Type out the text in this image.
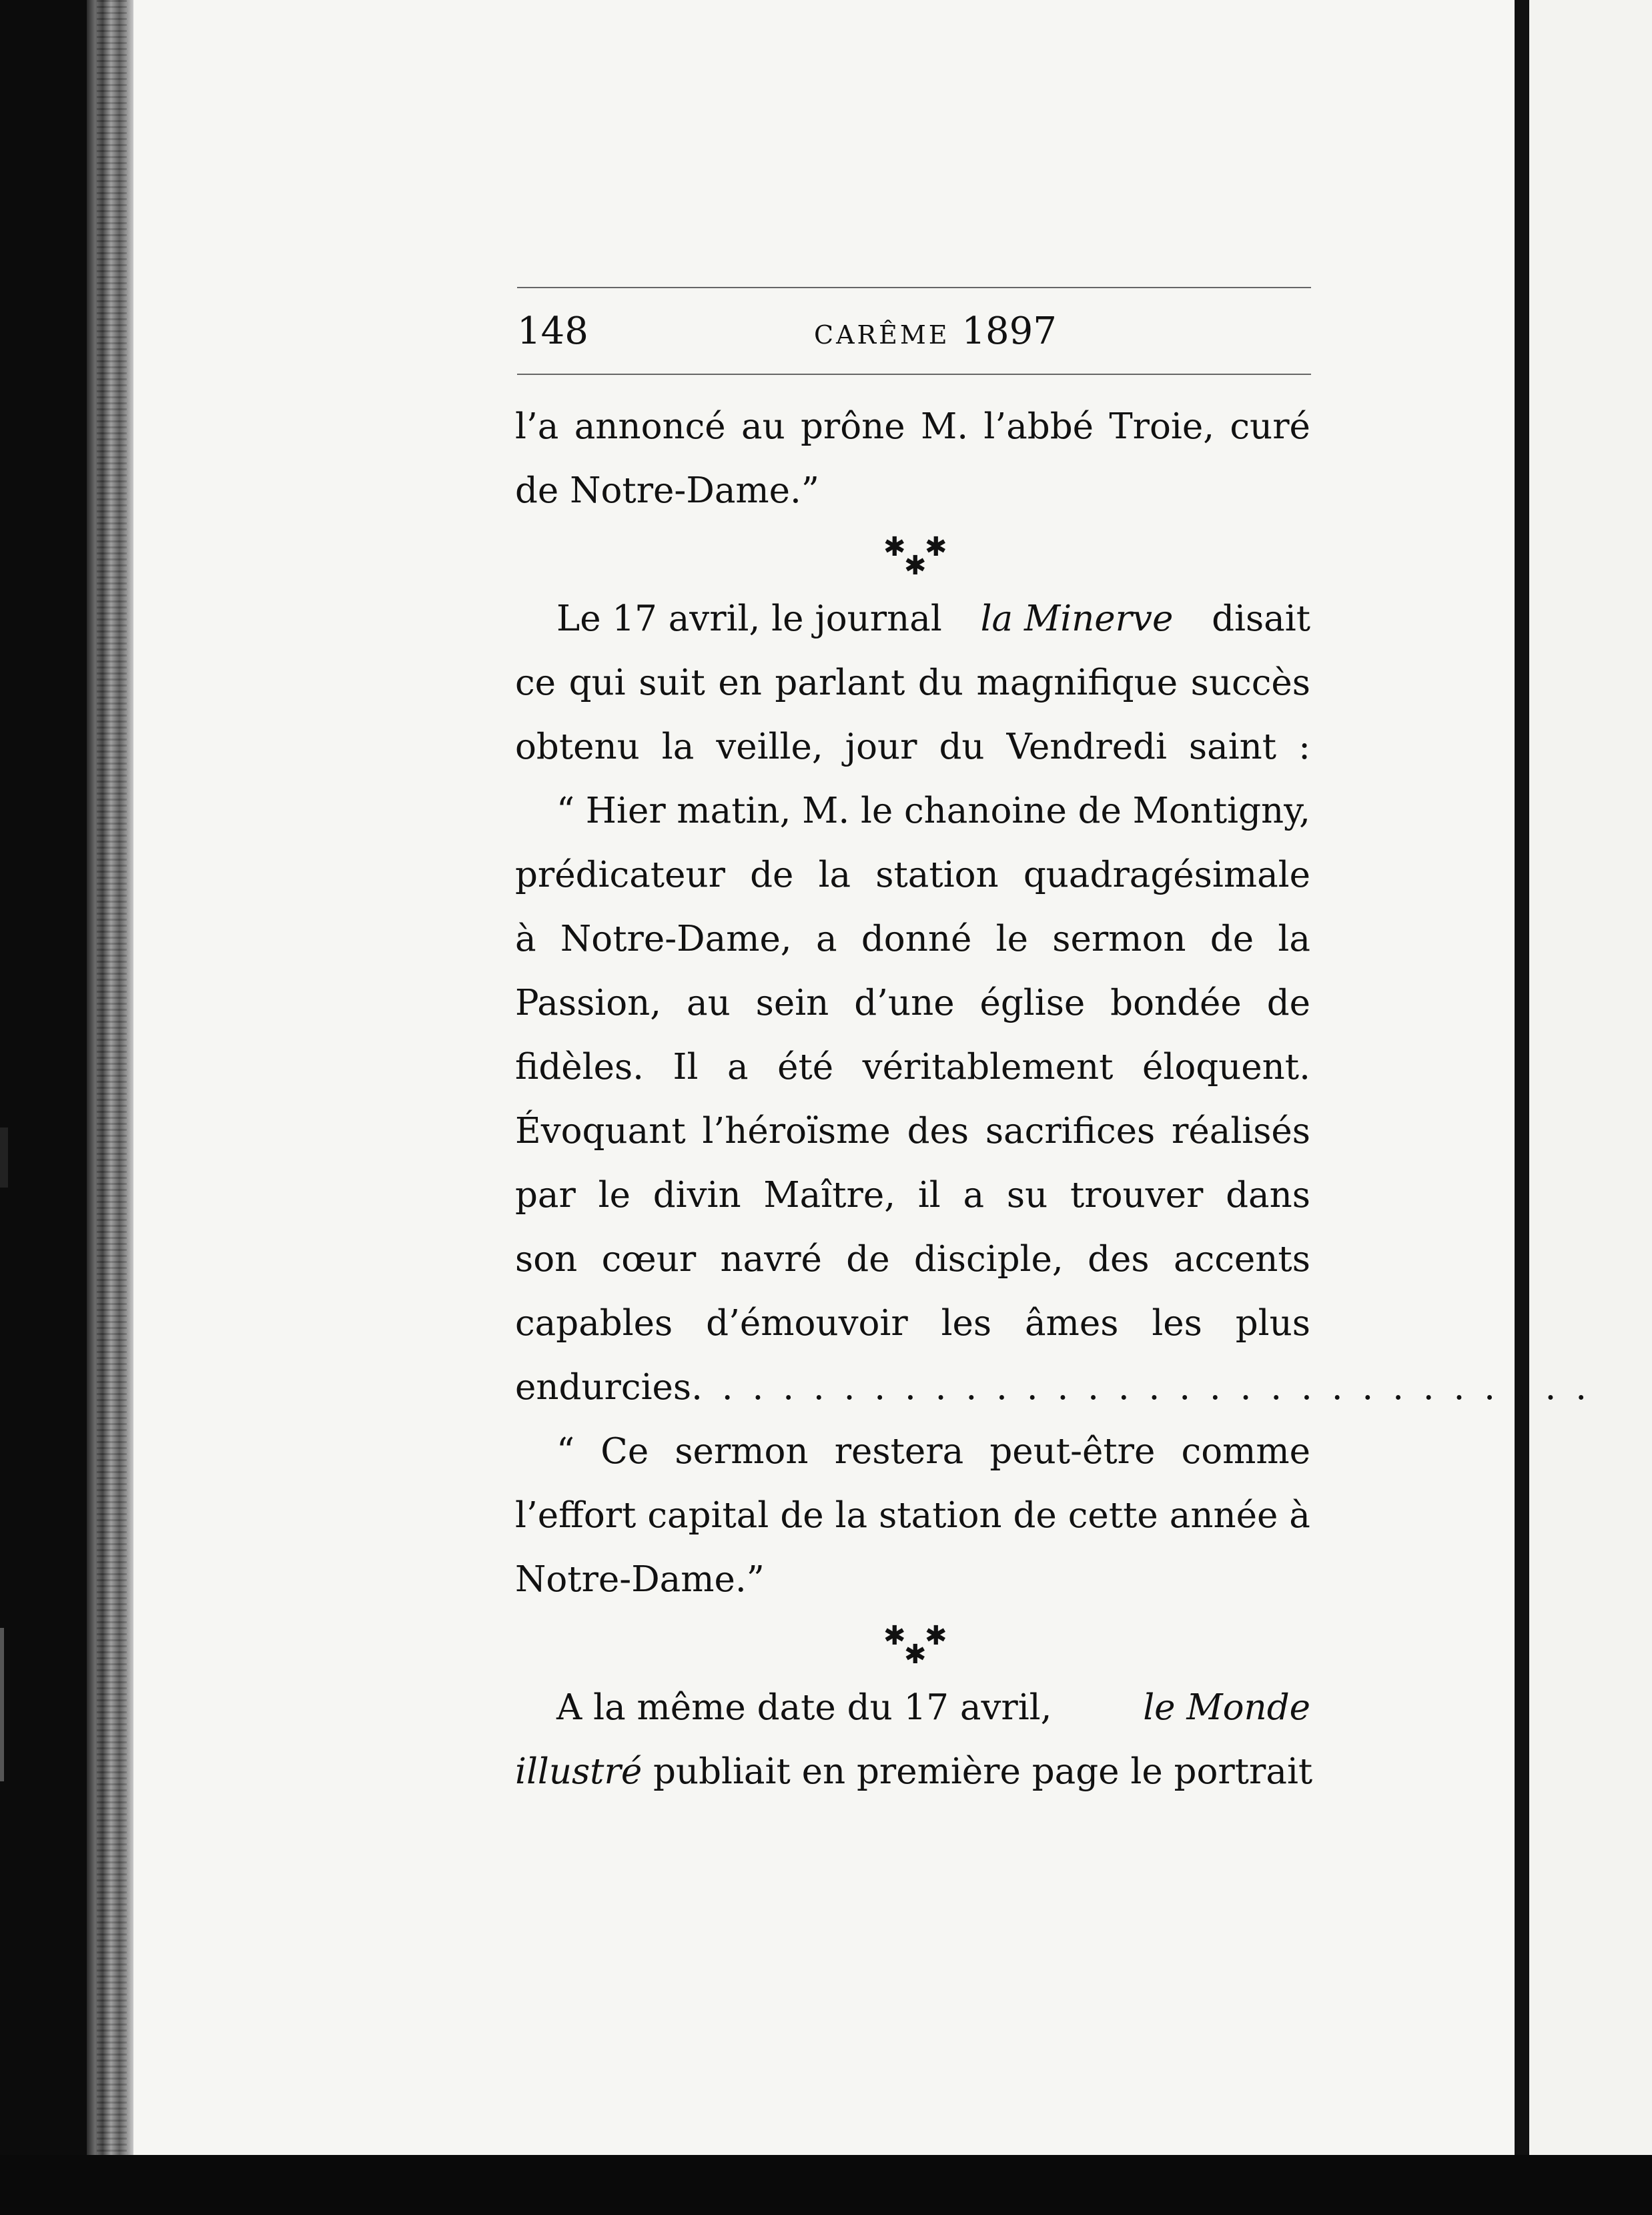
148	CARÊME 1897
l’a annoncé au prône M. l’abbé Troie, curé
de Notre-Dame.”
✱ ✱
✱
Le 17 avril, le journal la Minerve disait
ce qui suit en parlant du magnifique succès
obtenu la veille, jour du Vendredi saint :
“ Hier matin, M. le chanoine de Montigny,
prédicateur de la station quadragésimale
à Notre-Dame, a donné le sermon de la
Passion, au sein d’une église bondée de
fidèles. Il a été véritablement éloquent.
Évoquant l’héroïsme des sacrifices réalisés
par le divin Maître, il a su trouver dans
son cœur navré de disciple, des accents
capables d’émouvoir les âmes les plus
endurcies . . . . . . . . . . . . . . . . . . . . . . . . . . . . . .
“ Ce sermon restera peut-être comme
l’effort capital de la station de cette année à
Notre-Dame.”
✱ ✱
✱
A la même date du 17 avril, le Monde
illustré publiait en première page le portrait
